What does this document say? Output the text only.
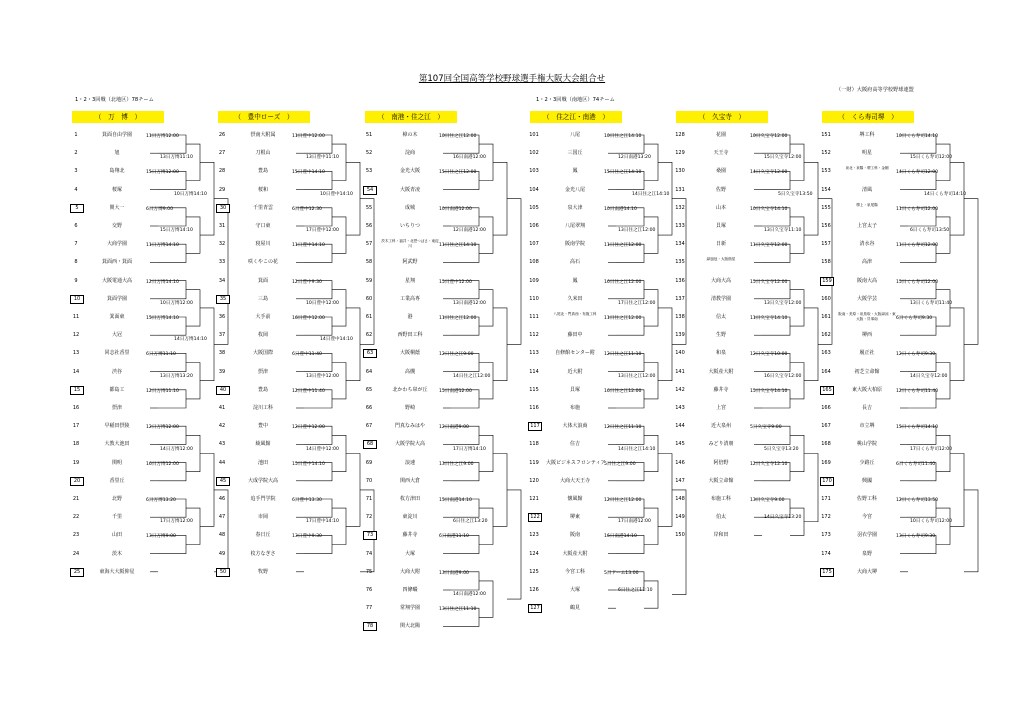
第107回全国高等学校野球選手権大阪大会組合せ
（一財）大阪府高等学校野球連盟
1・2・3回戦（北地区）78チーム	1・2・3回戦（南地区）74チーム
（　万　博　）
1	箕面自由学園
2	旭
3	島翔北
4	桜塚
5	関大一
6	交野
7	大商学園
8	箕面西・箕面
9	大阪電通大高
10	箕面学園
11	箕面東
12	大冠
13	同志社香里
14	渋谷
15	都島工
16	摂津
17	早稲田摂陵
18	大教大池田
19	関明
20	香里丘
21	北野
22	千里
23	山田
24	茨木
25	東海大大阪仰星
11日万博12:00
15日万博12:00
6日万博9:00
11日万博14:10
12日万博14:10
15日万博14:10
6日万博11:10
12日万博11:10
12日万博12:00
16日万博12:00
6日万博13:20
13日万博9:00
13日万博11:10
15日万博14:10
10日万博12:00
13日万博13:20
14日万博12:00
17日万博12:00
10日万博14:10
14日万博14:10
（　豊中ローズ　）
26	摂南大附属
27	刀根山
28	豊島
29	桜和
30	千里青雲
31	守口東
32	寝屋川
33	咲くやこの花
34	箕面
35	三島
36	大手前
37	枚岡
38	大阪国際
39	摂津
40	豊島
41	淀川工科
42	豊中
43	綾風館
44	池田
45	大成学院大高
46	追手門学院
47	市岡
48	春日丘
49	枚方なぎさ
50	牧野
11日豊中12:00
15日豊中14:10
6日豊中12:30
11日豊中14:10
12日豊中9:30
16日豊中12:00
6日豊中11:40
12日豊中11:40
12日豊中12:00
15日豊中14:10
6日豊中13:30
13日豊中9:30
13日豊中11:10
17日豊中12:00
10日豊中12:00
13日豊中12:00
14日豊中12:00
17日豊中14:10
10日豊中14:10
14日豊中14:10
（　南港・住之江　）
51	樟の木
52	淀商
53	金光大阪
54	大阪青凌
55	成城
56	いちりつ
57	茨木工科・福井・北摂つばさ・東淀川
58	阿武野
59	星翔
60	工業高専
61	港
62	西野田工科
63	大阪桐蔭
64	高槻
65	北かわち皐が丘
66	野崎
67	門真なみはや
68	大阪学院大高
69	浪速
70	関西大倉
71	枚方津田
72	東淀川
73	藤井寺
74	大塚
75	大商大附
76	四條畷
77	常翔学園
78	関大北陽
10日住之江12:00
15日住之江12:00
10日南港12:00
11日住之江14:10
15日豊中12:00
11日住之江12:00
12日住之江9:00
15日南港12:00
12日南港9:00
13日住之江9:00
15日南港14:10
6日南港11:10
13日南港9:00
13日住之江11:10
16日南港12:00
12日南港12:00
13日南港12:00
14日住之江12:00
17日万博14:10
6日住之江13:20
14日南港12:00
（　住之江・南港　）
101	八尾
102	三国丘
103	鳳
104	金光八尾
105	泉大津
106	八尾翠翔
107	阪南学院
108	高石
109	鳳
110	久米田
111	八尾北・門真西・布施工科
112	藤田中
113	自修館センター附
114	近大附
115	貝塚
116	布施
117	大体大浪商
118	住吉
119 大阪ビジネスフロンティア
120	大商大天王寺
121	懐風館
122	堺東
123	阪南
124	大阪産大附
125	今宮工科
126	大塚
127	鶴見
10日住之江14:10
15日住之江14:10
10日南港14:10
11日住之江12:00
16日住之江12:00
11日住之江12:00
12日住之江11:10
16日住之江12:00
12日住之江11:10
5日住之江9:00
12日住之江12:00
16日南港14:10
5日ドーム13:00
12日南港13:20
13日住之江12:00
17日住之江12:00
13日住之江12:00
14日住之江14:10
17日南港12:00
6日住之江11:10
14日住之江14:10
（　久宝寺　）
128	花園
129	天王寺
130	桑園
131	佐野
132	山本
133	貝塚
134	日新
135	緑風冠・大阪偕星
136	大商大高
137	清教学園
138	信太
139	生野
140	和泉
141	大阪産大附
142	藤井寺
143	上宮
144	近大泉州
145	みどり清朋
146	阿倍野
147	大阪立命館
148	布施工科
149	伯太
150	岸和田
10日久宝寺12:00
14日久宝寺12:00
10日久宝寺14:10
11日久宝寺12:00
15日久宝寺12:00
11日久宝寺14:10
12日久宝寺10:00
15日久宝寺14:10
5日久宝寺9:00
12日久宝寺12:10
13日久宝寺9:00
15日久宝寺12:00
13日久宝寺11:10
13日久宝寺12:00
16日久宝寺12:00
5日久宝寺13:20
14日久宝寺13:20
5日久宝寺13:50
（　くら寿司堺　）
151	堺工科
152	明星
153	泉北・泉陽・堺工科・金剛
154	清風
155	堺上・泉尾陽
156	上宮太子
157	清水谷
158	高津
159	阪南大高
160	大阪学芸
161	阪南・美原・泉鳥取・大阪緑涼・東大阪・貝塚南
162	堺西
163	履正社
164	初芝立命館
165	東大阪大柏原
166	長吉
167	市立堺
168	桃山学院
169	少路丘
170	興國
171	佐野工科
172	今宮
173	羽衣学園
174	泉野
175	大商大堺
10日くら寿司14:10
14日くら寿司12:00
11日くら寿司12:00
11日くら寿司12:00
15日くら寿司12:00
6日くら寿司9:30
12日くら寿司9:30
12日くら寿司11:40
15日くら寿司14:10
6日くら寿司11:40
12日くら寿司13:50
13日くら寿司9:30
15日くら寿司12:00
6日くら寿司13:50
13日くら寿司11:40
14日久宝寺12:00
17日くら寿司12:00
10日くら寿司12:00
14日くら寿司14:10
